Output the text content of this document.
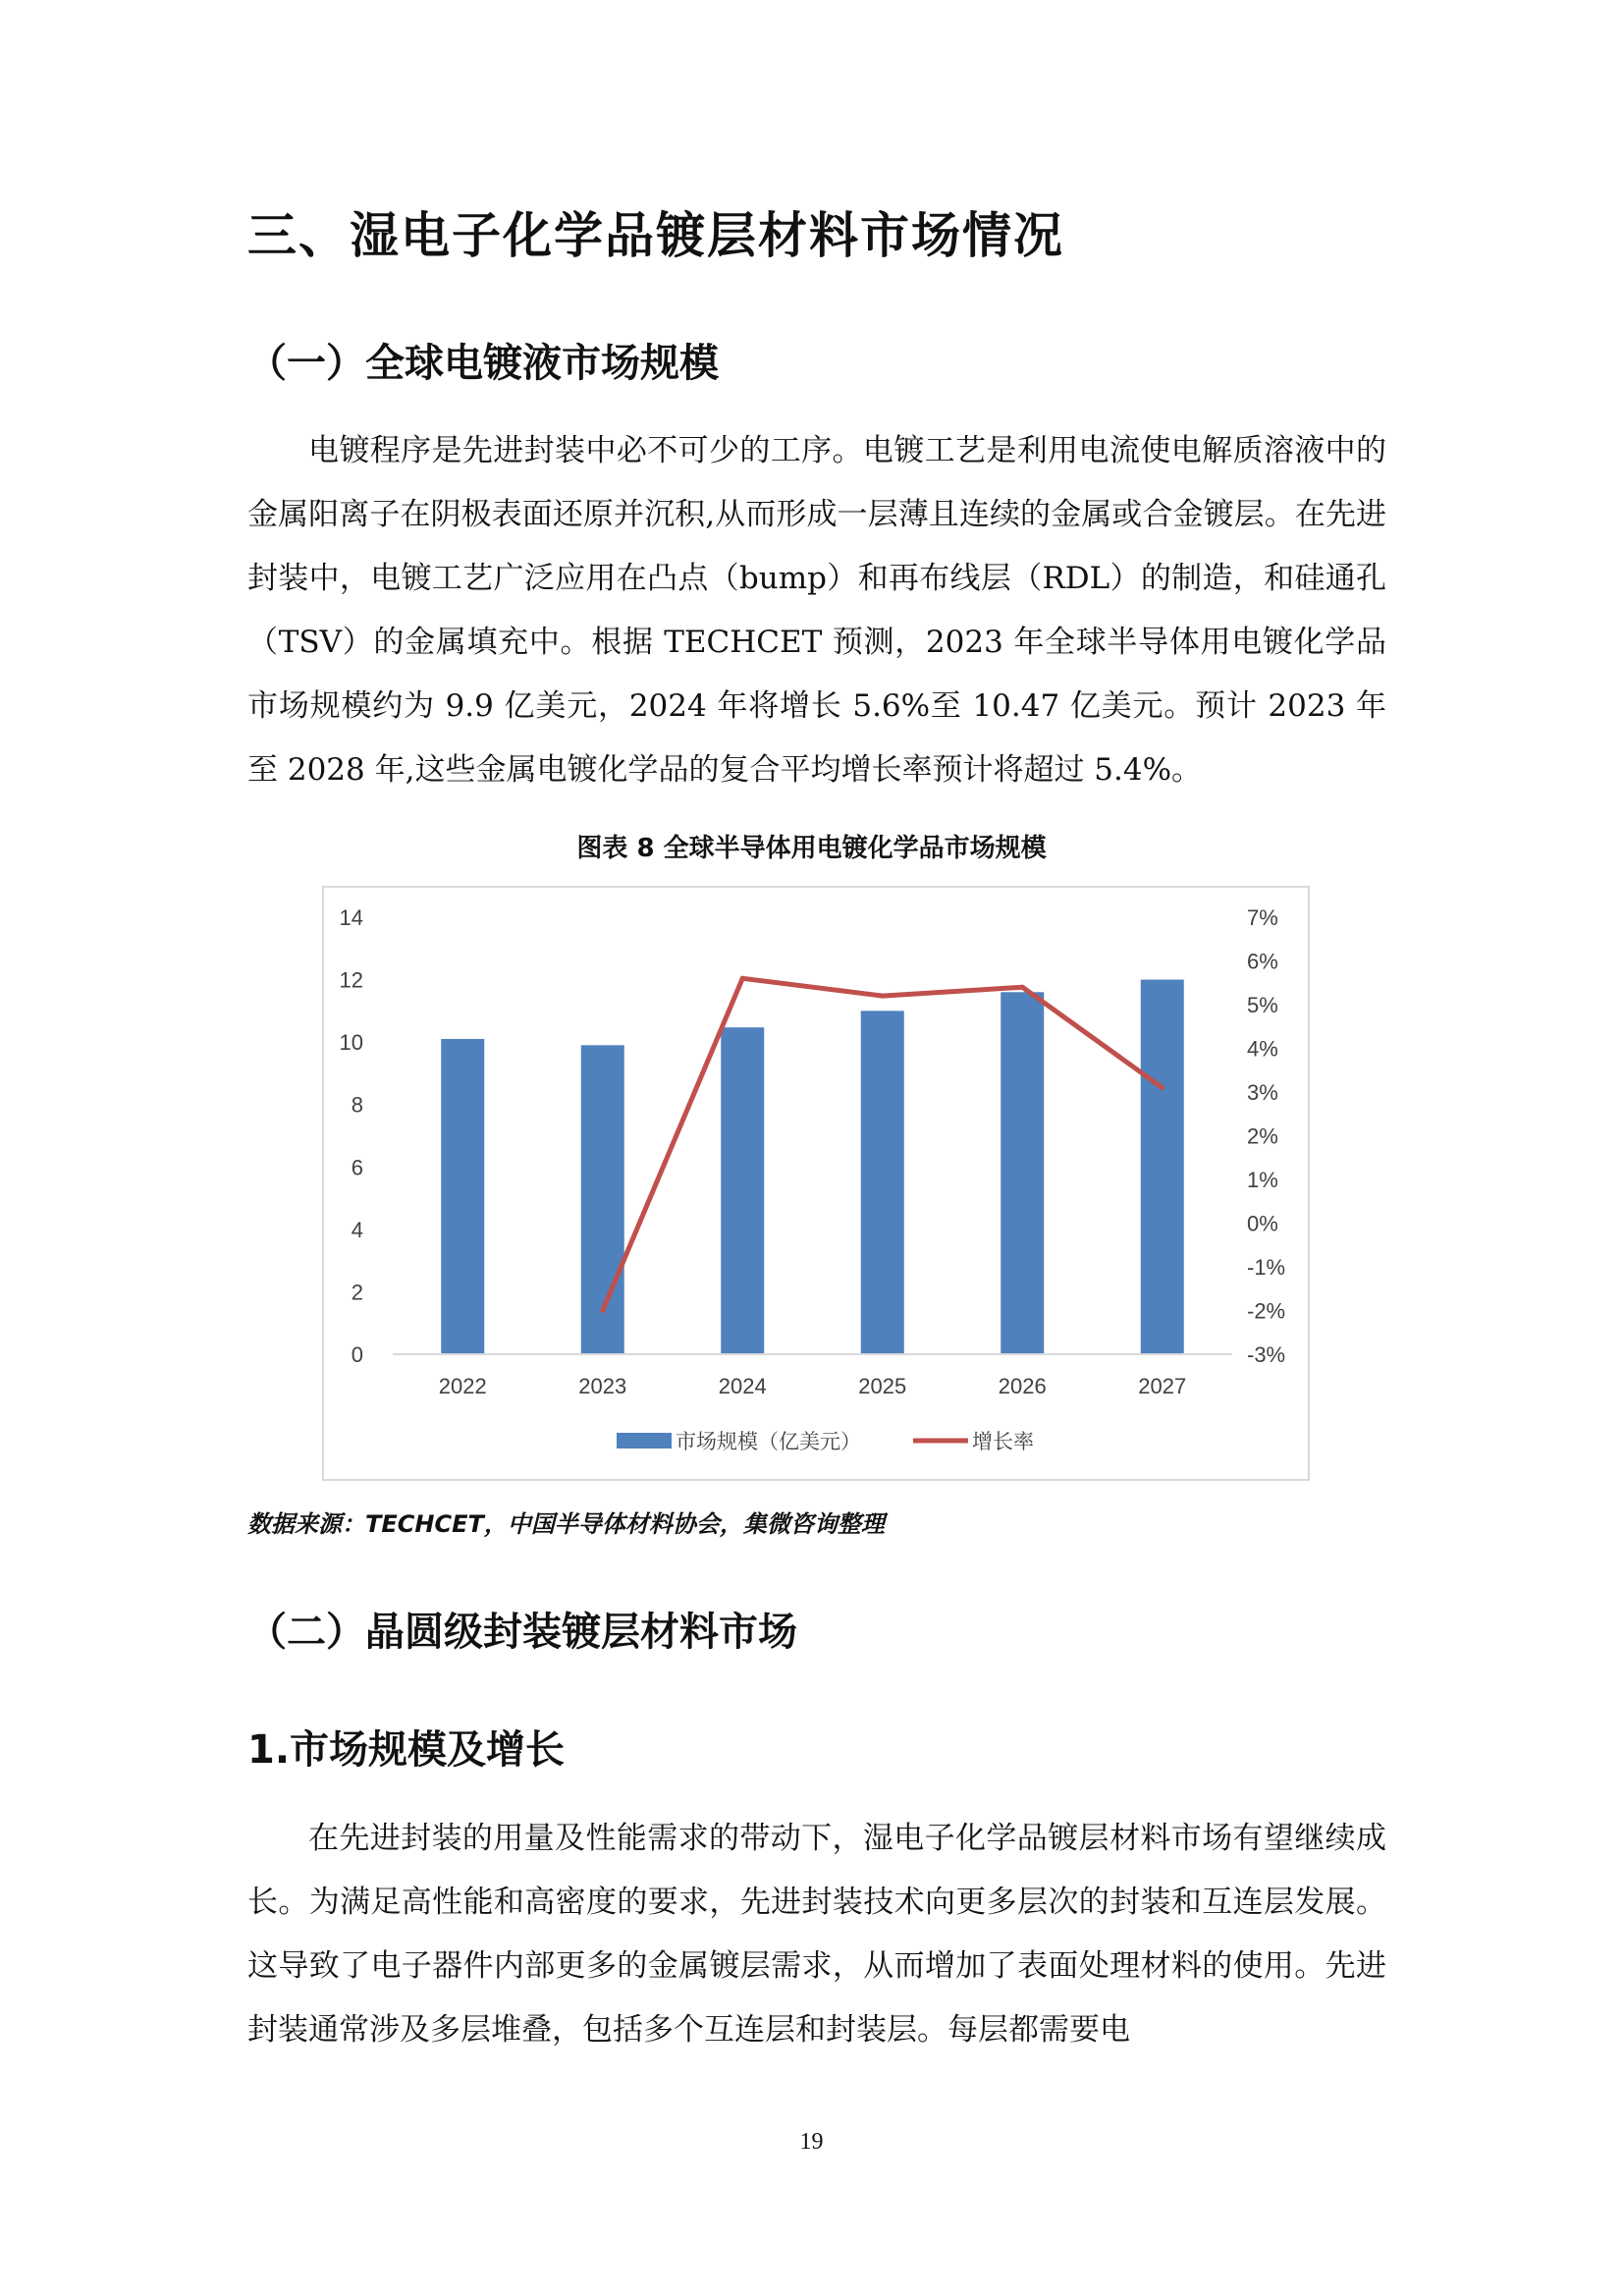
三、湿电子化学品镀层材料市场情况
（一）全球电镀液市场规模
电镀程序是先进封装中必不可少的工序。电镀工艺是利用电流使电解质溶液中的金属阳离子在阴极表面还原并沉积,从而形成一层薄且连续的金属或合金镀层。在先进封装中，电镀工艺广泛应用在凸点（bump）和再布线层（RDL）的制造，和硅通孔（TSV）的金属填充中。根据 TECHCET 预测，2023 年全球半导体用电镀化学品市场规模约为 9.9 亿美元，2024 年将增长 5.6%至 10.47 亿美元。预计 2023 年至 2028 年,这些金属电镀化学品的复合平均增长率预计将超过 5.4%。
图表 8 全球半导体用电镀化学品市场规模
0
2
4
6
8
10
12
14
-3%
-2%
-1%
0%
1%
2%
3%
4%
5%
6%
7%
2022	2023	2024	2025	2026	2027
市场规模（亿美元）	增长率
数据来源：TECHCET，中国半导体材料协会，集微咨询整理
（二）晶圆级封装镀层材料市场
1.市场规模及增长
在先进封装的用量及性能需求的带动下，湿电子化学品镀层材料市场有望继续成长。为满足高性能和高密度的要求，先进封装技术向更多层次的封装和互连层发展。这导致了电子器件内部更多的金属镀层需求，从而增加了表面处理材料的使用。先进封装通常涉及多层堆叠，包括多个互连层和封装层。每层都需要电
19
